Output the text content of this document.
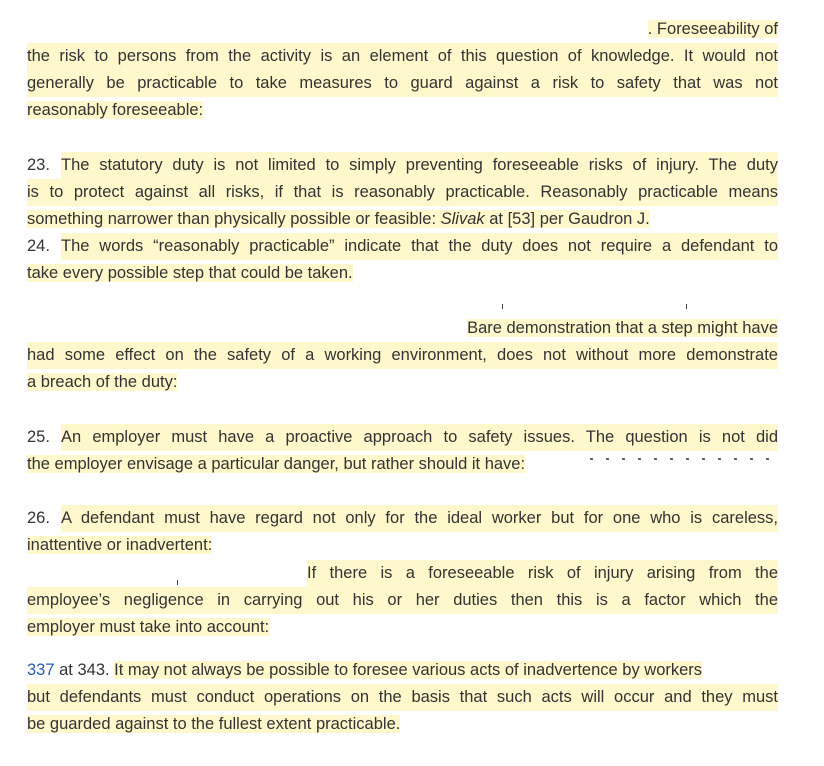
. Foreseeability of
the risk to persons from the activity is an element of this question of knowledge. It would not
generally be practicable to take measures to guard against a risk to safety that was not
reasonably foreseeable:
23. The statutory duty is not limited to simply preventing foreseeable risks of injury. The duty
is to protect against all risks, if that is reasonably practicable. Reasonably practicable means
something narrower than physically possible or feasible: Slivak at [53] per Gaudron J.
24. The words “reasonably practicable” indicate that the duty does not require a defendant to
take every possible step that could be taken.
Bare demonstration that a step might have
had some effect on the safety of a working environment, does not without more demonstrate
a breach of the duty:
25. An employer must have a proactive approach to safety issues. The question is not did
the employer envisage a particular danger, but rather should it have:
26. A defendant must have regard not only for the ideal worker but for one who is careless,
inattentive or inadvertent:
If there is a foreseeable risk of injury arising from the
employee’s negligence in carrying out his or her duties then this is a factor which the
employer must take into account:
337 at 343. It may not always be possible to foresee various acts of inadvertence by workers
but defendants must conduct operations on the basis that such acts will occur and they must
be guarded against to the fullest extent practicable.
